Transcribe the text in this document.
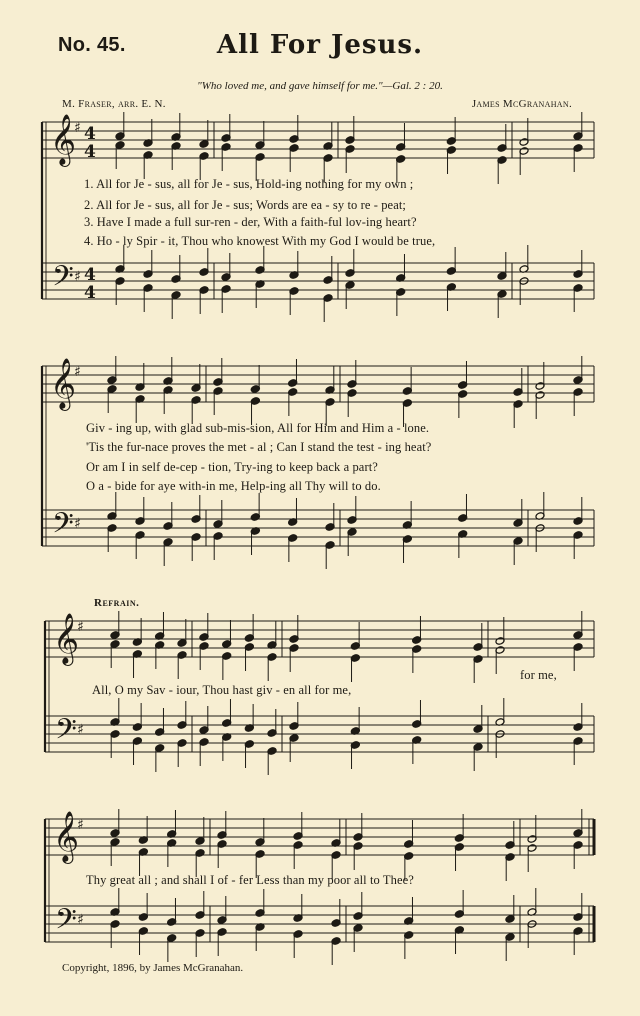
No. 45.	All For Jesus.
"Who loved me, and gave himself for me."—Gal. 2 : 20.
M. Fraser, arr. E. N.	James McGranahan.
𝄞
𝄢
♯
♯
4
4
4
4
𝄞
𝄢
♯
♯
𝄞
𝄢
♯
♯
𝄞
𝄢
♯
♯
1. All for Je - sus, all for Je - sus, Hold-ing nothing for my own ;
2. All for Je - sus, all for Je - sus; Words are ea - sy to re - peat;
3. Have I made a full sur-ren - der, With a faith-ful lov-ing heart?
4. Ho - ly Spir - it, Thou who knowest With my God I would be true,
Giv - ing up, with glad sub-mis-sion, All for Him and Him a - lone.
'Tis the fur-nace proves the met - al ; Can I stand the test - ing heat?
Or am I in self de-cep - tion, Try-ing to keep back a part?
O a - bide for aye with-in me, Help-ing all Thy will to do.
Refrain.
for me,
All, O my Sav - iour, Thou hast giv - en all for me,
Thy great all ; and shall I of - fer Less than my poor all to Thee?
Copyright, 1896, by James McGranahan.
